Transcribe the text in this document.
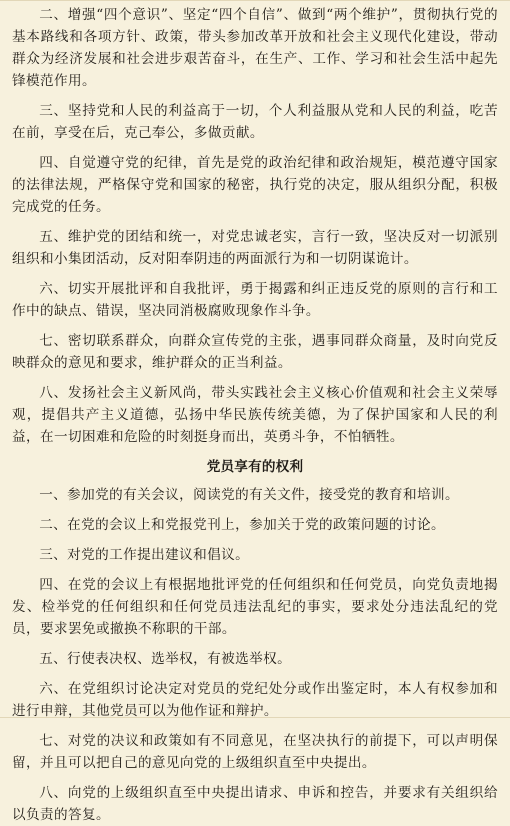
二、增强“四个意识”、坚定“四个自信”、做到“两个维护”，贯彻执行党的基本路线和各项方针、政策，带头参加改革开放和社会主义现代化建设，带动群众为经济发展和社会进步艰苦奋斗，在生产、工作、学习和社会生活中起先锋模范作用。

三、坚持党和人民的利益高于一切，个人利益服从党和人民的利益，吃苦在前，享受在后，克己奉公，多做贡献。

四、自觉遵守党的纪律，首先是党的政治纪律和政治规矩，模范遵守国家的法律法规，严格保守党和国家的秘密，执行党的决定，服从组织分配，积极完成党的任务。

五、维护党的团结和统一，对党忠诚老实，言行一致，坚决反对一切派别组织和小集团活动，反对阳奉阴违的两面派行为和一切阴谋诡计。

六、切实开展批评和自我批评，勇于揭露和纠正违反党的原则的言行和工作中的缺点、错误，坚决同消极腐败现象作斗争。

七、密切联系群众，向群众宣传党的主张，遇事同群众商量，及时向党反映群众的意见和要求，维护群众的正当利益。

八、发扬社会主义新风尚，带头实践社会主义核心价值观和社会主义荣辱观，提倡共产主义道德，弘扬中华民族传统美德，为了保护国家和人民的利益，在一切困难和危险的时刻挺身而出，英勇斗争，不怕牺牲。

党员享有的权利

一、参加党的有关会议，阅读党的有关文件，接受党的教育和培训。

二、在党的会议上和党报党刊上，参加关于党的政策问题的讨论。

三、对党的工作提出建议和倡议。

四、在党的会议上有根据地批评党的任何组织和任何党员，向党负责地揭发、检举党的任何组织和任何党员违法乱纪的事实，要求处分违法乱纪的党员，要求罢免或撤换不称职的干部。

五、行使表决权、选举权，有被选举权。

六、在党组织讨论决定对党员的党纪处分或作出鉴定时，本人有权参加和进行申辩，其他党员可以为他作证和辩护。

七、对党的决议和政策如有不同意见，在坚决执行的前提下，可以声明保留，并且可以把自己的意见向党的上级组织直至中央提出。

八、向党的上级组织直至中央提出请求、申诉和控告，并要求有关组织给以负责的答复。
